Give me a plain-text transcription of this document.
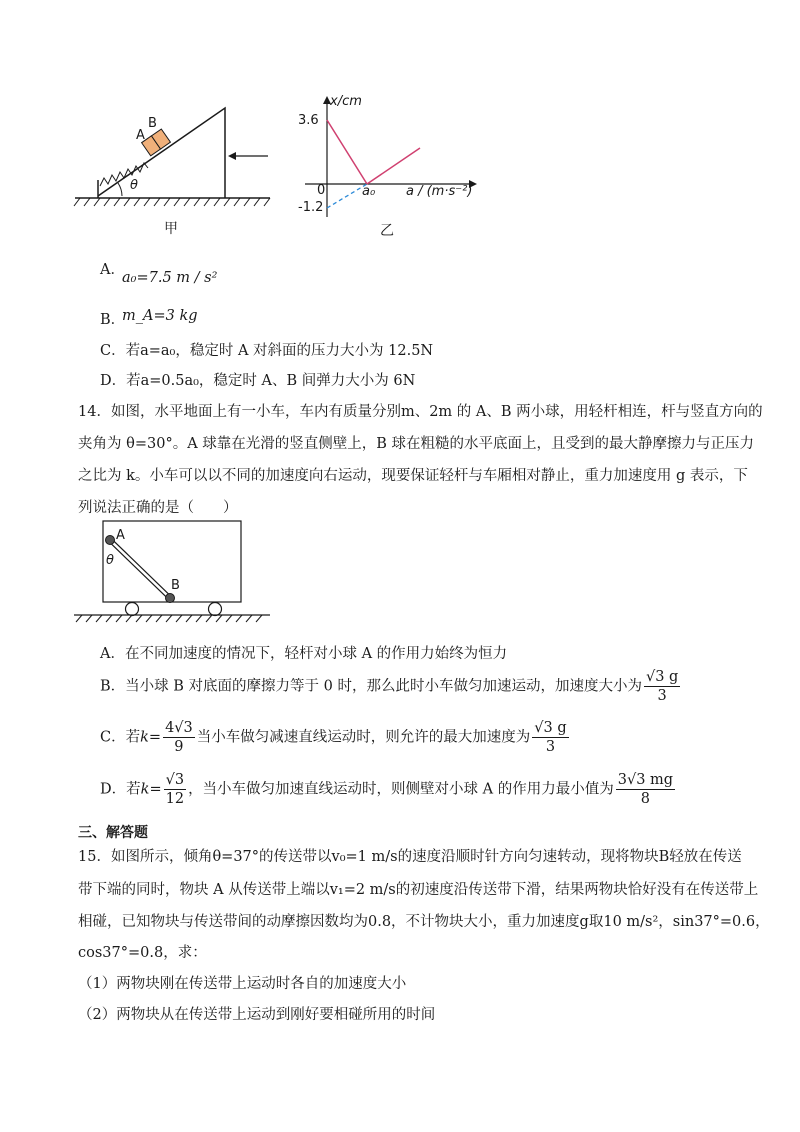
A
B
θ
甲
x/cm
3.6
0	a₀ a / (m·s⁻²)
-1.2
乙
A．
a₀=7.5 m / s²
B．
m_A=3 kg
C．若a=a₀，稳定时 A 对斜面的压力大小为 12.5N
D．若a=0.5a₀，稳定时 A、B 间弹力大小为 6N
14．如图，水平地面上有一小车，车内有质量分别m、2m 的 A、B 两小球，用轻杆相连，杆与竖直方向的
夹角为 θ=30°。A 球靠在光滑的竖直侧壁上，B 球在粗糙的水平底面上，且受到的最大静摩擦力与正压力
之比为 k。小车可以以不同的加速度向右运动，现要保证轻杆与车厢相对静止，重力加速度用 g 表示，下
列说法正确的是（　　）
A
θ
B
A．在不同加速度的情况下，轻杆对小球 A 的作用力始终为恒力
B．当小球 B 对底面的摩擦力等于 0 时，那么此时小车做匀加速运动，加速度大小为 $\frac{√3 g}{3}$
C．若$k= \frac{4√3}{9}$ 当小车做匀减速直线运动时，则允许的最大加速度为 $\frac{√3 g}{3}$
D．若$k= \frac{√3}{12}$ ，当小车做匀加速直线运动时，则侧壁对小球 A 的作用力最小值为 $\frac{3√3 mg}{8}$
三、解答题
15．如图所示，倾角θ=37°的传送带以v₀=1 m/s的速度沿顺时针方向匀速转动，现将物块B轻放在传送
带下端的同时，物块 A 从传送带上端以v₁=2 m/s的初速度沿传送带下滑，结果两物块恰好没有在传送带上
相碰，已知物块与传送带间的动摩擦因数均为0.8，不计物块大小，重力加速度g取10 m/s²，sin37°=0.6，
cos37°=0.8，求：
（1）两物块刚在传送带上运动时各自的加速度大小
（2）两物块从在传送带上运动到刚好要相碰所用的时间
